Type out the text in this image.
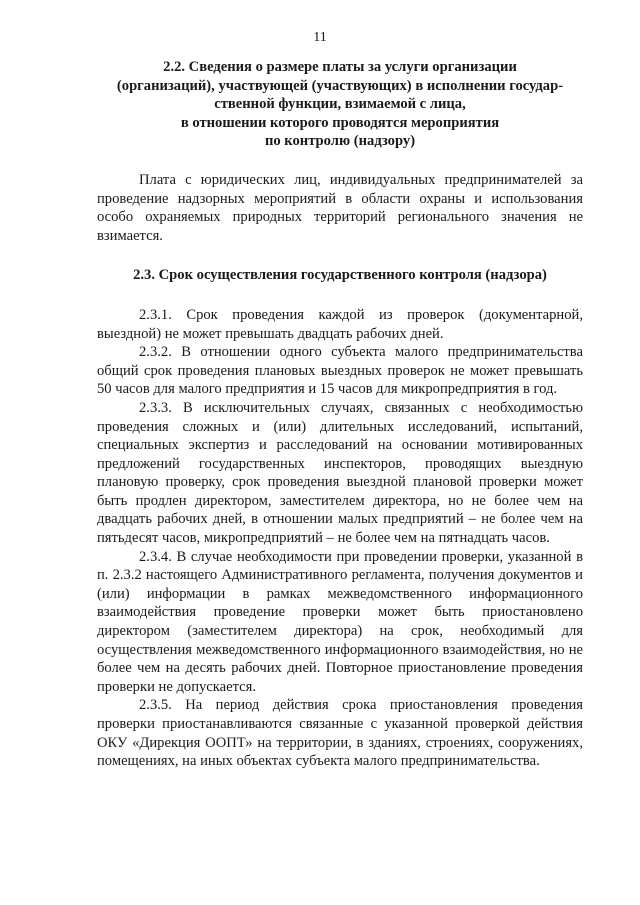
11
2.2. Сведения о размере платы за услуги организации
(организаций), участвующей (участвующих) в исполнении государ-
ственной функции, взимаемой с лица,
в отношении которого проводятся мероприятия
по контролю (надзору)

Плата с юридических лиц, индивидуальных предпринимателей за проведение надзорных мероприятий в области охраны и использования особо охраняемых природных территорий регионального значения не взимается.

2.3. Срок осуществления государственного контроля (надзора)

2.3.1. Срок проведения каждой из проверок (документарной, выездной) не может превышать двадцать рабочих дней.

2.3.2. В отношении одного субъекта малого предпринимательства общий срок проведения плановых выездных проверок не может превышать 50 часов для малого предприятия и 15 часов для микропредприятия в год.

2.3.3. В исключительных случаях, связанных с необходимостью проведения сложных и (или) длительных исследований, испытаний, специальных экспертиз и расследований на основании мотивированных предложений государственных инспекторов, проводящих выездную плановую проверку, срок проведения выездной плановой проверки может быть продлен директором, заместителем директора, но не более чем на двадцать рабочих дней, в отношении малых предприятий – не более чем на пятьдесят часов, микропредприятий – не более чем на пятнадцать часов.

2.3.4. В случае необходимости при проведении проверки, указанной в п. 2.3.2 настоящего Административного регламента, получения документов и (или) информации в рамках межведомственного информационного взаимодействия проведение проверки может быть приостановлено директором (заместителем директора) на срок, необходимый для осуществления межведомственного информационного взаимодействия, но не более чем на десять рабочих дней. Повторное приостановление проведения проверки не допускается.

2.3.5. На период действия срока приостановления проведения проверки приостанавливаются связанные с указанной проверкой действия ОКУ «Дирекция ООПТ» на территории, в зданиях, строениях, сооружениях, помещениях, на иных объектах субъекта малого предпринимательства.
